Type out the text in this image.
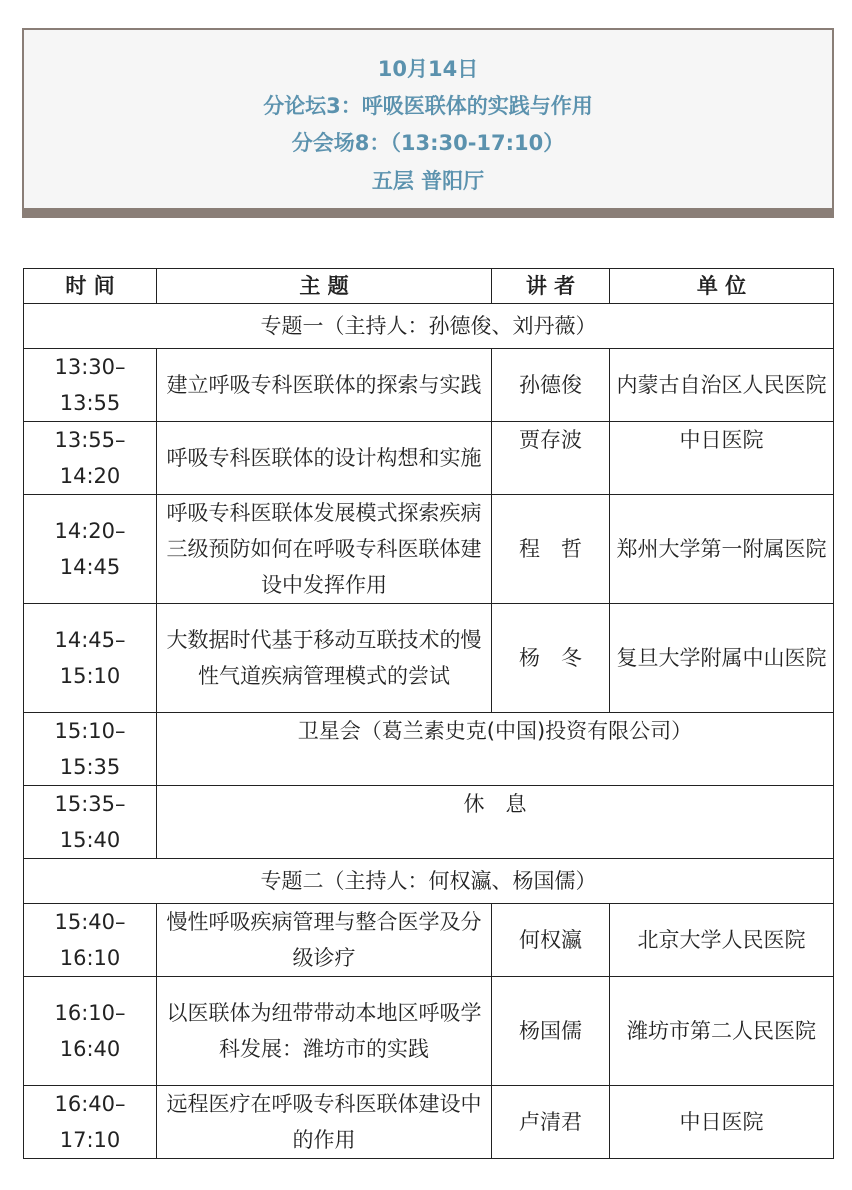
10月14日
分论坛3：呼吸医联体的实践与作用
分会场8：（13:30-17:10）
五层 普阳厅
时 间	主 题	讲 者	单 位
专题一（主持人：孙德俊、刘丹薇）			
13:30–13:55	建立呼吸专科医联体的探索与实践	孙德俊	内蒙古自治区人民医院
13:55–14:20	呼吸专科医联体的设计构想和实施	贾存波	中日医院
14:20–14:45	呼吸专科医联体发展模式探索疾病三级预防如何在呼吸专科医联体建设中发挥作用	程　哲	郑州大学第一附属医院
14:45–15:10	大数据时代基于移动互联技术的慢性气道疾病管理模式的尝试	杨　冬	复旦大学附属中山医院
15:10–15:35	卫星会（葛兰素史克(中国)投资有限公司）		
15:35–15:40	休　息		
专题二（主持人：何权瀛、杨国儒）			
15:40–16:10	慢性呼吸疾病管理与整合医学及分级诊疗	何权瀛	北京大学人民医院
16:10–16:40	以医联体为纽带带动本地区呼吸学科发展：潍坊市的实践	杨国儒	潍坊市第二人民医院
16:40–17:10	远程医疗在呼吸专科医联体建设中的作用	卢清君	中日医院
